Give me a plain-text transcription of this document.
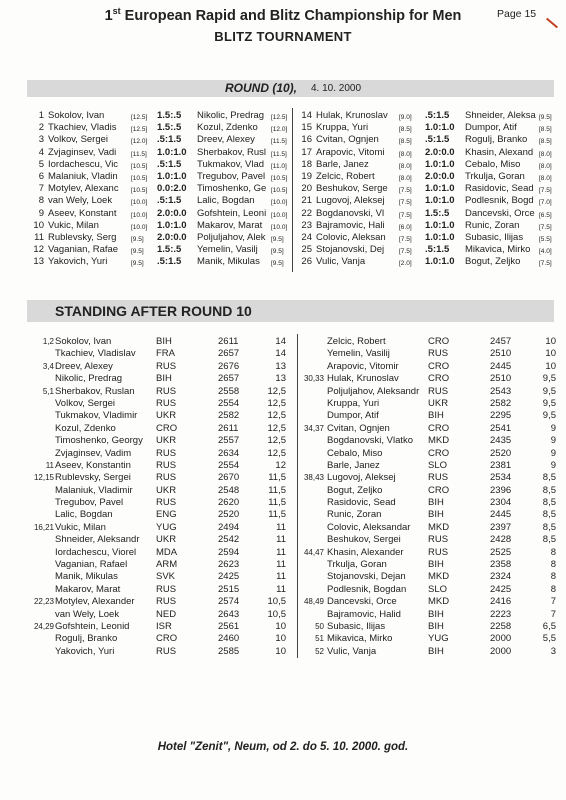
1st European Rapid and Blitz Championship for Men
BLITZ TOURNAMENT
Page 15
ROUND (10), 4. 10. 2000
1 Sokolov, Ivan	[12.5] 1.5:.5 Nikolic, Predrag	[12.5]
2 Tkachiev, Vladis	[12.5] 1.5:.5 Kozul, Zdenko	[12.0]
3 Volkov, Sergei	[12.0] .5:1.5 Dreev, Alexey	[11.5]
4 Zvjaginsev, Vadi	[11.5] 1.0:1.0 Sherbakov, Rusl [11.5]
5 Iordachescu, Vic	[10.5] .5:1.5 Tukmakov, Vlad	[11.0]
6 Malaniuk, Vladin	[10.5] 1.0:1.0 Tregubov, Pavel [10.5]
7 Motylev, Alexanc	[10.5] 0.0:2.0 Timoshenko, Ge [10.5]
8 van Wely, Loek	[10.0] .5:1.5 Lalic, Bogdan	[10.0]
9 Aseev, Konstant	[10.0] 2.0:0.0 Gofshtein, Leoni [10.0]
10 Vukic, Milan	[10.0] 1.0:1.0 Makarov, Marat	[10.0]
11 Rublevsky, Serg	[9.5] 2.0:0.0 Poljuljahov, Alek [9.5]
12 Vaganian, Rafae	[9.5] 1.5:.5 Yemelin, Vasilj	[9.5]
13 Yakovich, Yuri	[9.5] .5:1.5 Manik, Mikulas	[9.5]
14 Hulak, Krunoslav	[9.0] .5:1.5 Shneider, Aleksa [9.5]
15 Kruppa, Yuri	[8.5] 1.0:1.0 Dumpor, Atif	[8.5]
16 Cvitan, Ognjen	[8.5] .5:1.5 Rogulj, Branko	[8.5]
17 Arapovic, Vitomi	[8.0] 2.0:0.0 Khasin, Alexand [8.0]
18 Barle, Janez	[8.0] 1.0:1.0 Cebalo, Miso	[8.0]
19 Zelcic, Robert	[8.0] 2.0:0.0 Trkulja, Goran	[8.0]
20 Beshukov, Serge	[7.5] 1.0:1.0 Rasidovic, Sead [7.5]
21 Lugovoj, Aleksej	[7.5] 1.0:1.0 Podlesnik, Bogd [7.0]
22 Bogdanovski, Vl	[7.5] 1.5:.5 Dancevski, Orce [6.5]
23 Bajramovic, Hali	[6.0] 1.0:1.0 Runic, Zoran	[7.5]
24 Colovic, Aleksan	[7.5] 1.0:1.0 Subasic, Ilijas	[5.5]
25 Stojanovski, Dej	[7.5] .5:1.5 Mikavica, Mirko	[4.0]
26 Vulic, Vanja	[2.0] 1.0:1.0 Bogut, Zeljko	[7.5]
STANDING AFTER ROUND 10
1,2 Sokolov, Ivan	BIH	2611	14
Tkachiev, Vladislav	FRA	2657	14
3,4 Dreev, Alexey	RUS	2676	13
Nikolic, Predrag	BIH	2657	13
5,1 Sherbakov, Ruslan	RUS	2558	12,5
Volkov, Sergei	RUS	2554	12,5
Tukmakov, Vladimir	UKR	2582	12,5
Kozul, Zdenko	CRO	2611	12,5
Timoshenko, Georgy	UKR	2557	12,5
Zvjaginsev, Vadim	RUS	2634	12,5
11 Aseev, Konstantin	RUS	2554	12
12,15 Rublevsky, Sergei	RUS	2670	11,5
Malaniuk, Vladimir	UKR	2548	11,5
Tregubov, Pavel	RUS	2620	11,5
Lalic, Bogdan	ENG	2520	11,5
16,21 Vukic, Milan	YUG	2494	11
Shneider, Aleksandr	UKR	2542	11
Iordachescu, Viorel	MDA	2594	11
Vaganian, Rafael	ARM	2623	11
Manik, Mikulas	SVK	2425	11
Makarov, Marat	RUS	2515	11
22,23 Motylev, Alexander	RUS	2574	10,5
van Wely, Loek	NED	2643	10,5
24,29 Gofshtein, Leonid	ISR	2561	10
Rogulj, Branko	CRO	2460	10
Yakovich, Yuri	RUS	2585	10
Zelcic, Robert	CRO	2457	10
Yemelin, Vasilij	RUS	2510	10
Arapovic, Vitomir	CRO	2445	10
30,33 Hulak, Krunoslav	CRO	2510	9,5
Poljuljahov, Aleksandr RUS	2543	9,5
Kruppa, Yuri	UKR	2582	9,5
Dumpor, Atif	BIH	2295	9,5
34,37 Cvitan, Ognjen	CRO	2541	9
Bogdanovski, Vlatko	MKD	2435	9
Cebalo, Miso	CRO	2520	9
Barle, Janez	SLO	2381	9
38,43 Lugovoj, Aleksej	RUS	2534	8,5
Bogut, Zeljko	CRO	2396	8,5
Rasidovic, Sead	BIH	2304	8,5
Runic, Zoran	BIH	2445	8,5
Colovic, Aleksandar	MKD	2397	8,5
Beshukov, Sergei	RUS	2428	8,5
44,47 Khasin, Alexander	RUS	2525	8
Trkulja, Goran	BIH	2358	8
Stojanovski, Dejan	MKD	2324	8
Podlesnik, Bogdan	SLO	2425	8
48,49 Dancevski, Orce	MKD	2416	7
Bajramovic, Halid	BIH	2223	7
50 Subasic, Ilijas	BIH	2258	6,5
51 Mikavica, Mirko	YUG	2000	5,5
52 Vulic, Vanja	BIH	2000	3
Hotel "Zenit", Neum, od 2. do 5. 10. 2000. god.
